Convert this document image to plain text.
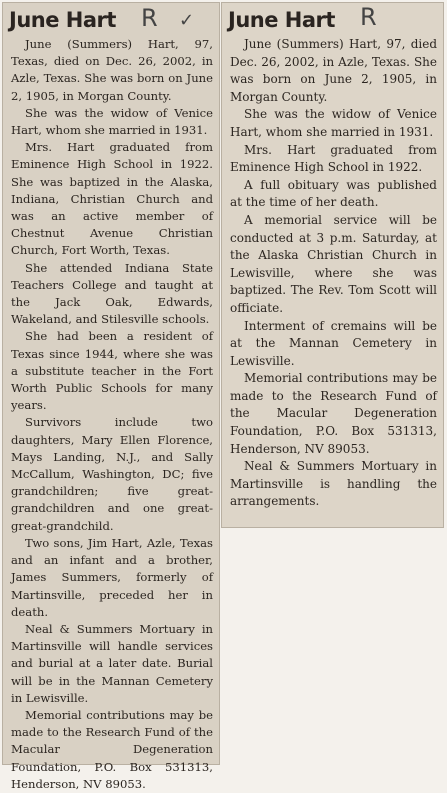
June Hart R ✓

June (Summers) Hart, 97, Texas, died on Dec. 26, 2002, in Azle, Texas. She was born on June 2, 1905, in Morgan County.

She was the widow of Venice Hart, whom she married in 1931.

Mrs. Hart graduated from Eminence High School in 1922. She was baptized in the Alaska, Indiana, Christian Church and was an active member of Chestnut Avenue Christian Church, Fort Worth, Texas.

She attended Indiana State Teachers College and taught at the Jack Oak, Edwards, Wakeland, and Stilesville schools.

She had been a resident of Texas since 1944, where she was a substitute teacher in the Fort Worth Public Schools for many years.

Survivors include two daughters, Mary Ellen Florence, Mays Landing, N.J., and Sally McCallum, Washington, DC; five grandchildren; five great-grandchildren and one great-great-grandchild.

Two sons, Jim Hart, Azle, Texas and an infant and a brother, James Summers, formerly of Martinsville, preceded her in death.

Neal & Summers Mortuary in Martinsville will handle services and burial at a later date. Burial will be in the Mannan Cemetery in Lewisville.

Memorial contributions may be made to the Research Fund of the Macular Degeneration Foundation, P.O. Box 531313, Henderson, NV 89053.

June Hart R

June (Summers) Hart, 97, died Dec. 26, 2002, in Azle, Texas. She was born on June 2, 1905, in Morgan County.

She was the widow of Venice Hart, whom she married in 1931.

Mrs. Hart graduated from Eminence High School in 1922.

A full obituary was published at the time of her death.

A memorial service will be conducted at 3 p.m. Saturday, at the Alaska Christian Church in Lewisville, where she was baptized. The Rev. Tom Scott will officiate.

Interment of cremains will be at the Mannan Cemetery in Lewisville.

Memorial contributions may be made to the Research Fund of the Macular Degeneration Foundation, P.O. Box 531313, Henderson, NV 89053.

Neal & Summers Mortuary in Martinsville is handling the arrangements.
